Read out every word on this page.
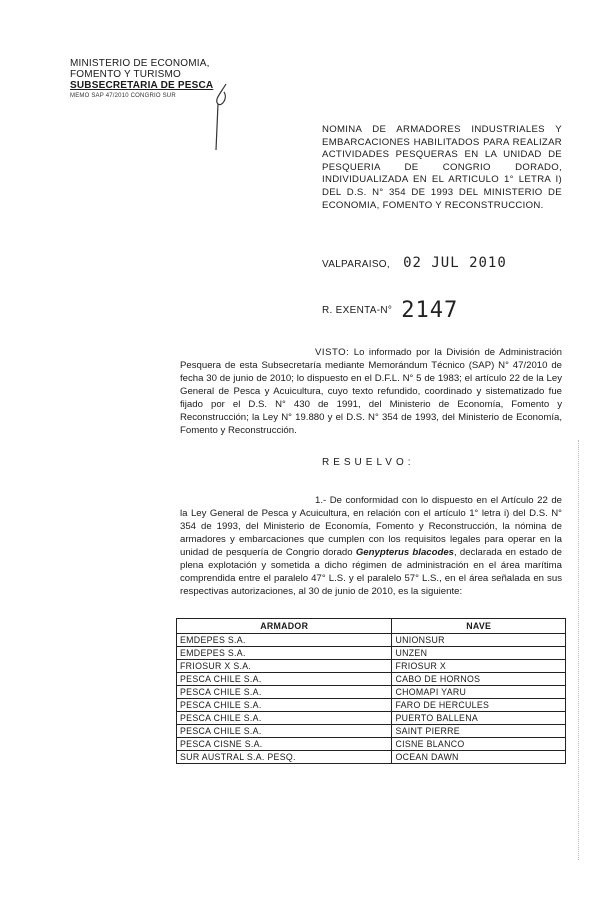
MINISTERIO DE ECONOMIA,
FOMENTO Y TURISMO
SUBSECRETARIA DE PESCA
MEMO SAP 47/2010 CONGRIO SUR
NOMINA DE ARMADORES INDUSTRIALES Y EMBARCACIONES HABILITADOS PARA REALIZAR ACTIVIDADES PESQUERAS EN LA UNIDAD DE PESQUERIA DE CONGRIO DORADO, INDIVIDUALIZADA EN EL ARTICULO 1° LETRA I) DEL D.S. N° 354 DE 1993 DEL MINISTERIO DE ECONOMIA, FOMENTO Y RECONSTRUCCION.
VALPARAISO, 02 JUL 2010
R. EXENTA-N° 2147
VISTO: Lo informado por la División de Administración Pesquera de esta Subsecretaría mediante Memorándum Técnico (SAP) N° 47/2010 de fecha 30 de junio de 2010; lo dispuesto en el D.F.L. N° 5 de 1983; el artículo 22 de la Ley General de Pesca y Acuicultura, cuyo texto refundido, coordinado y sistematizado fue fijado por el D.S. N° 430 de 1991, del Ministerio de Economía, Fomento y Reconstrucción; la Ley N° 19.880 y el D.S. N° 354 de 1993, del Ministerio de Economía, Fomento y Reconstrucción.
RESUELVO:
1.- De conformidad con lo dispuesto en el Artículo 22 de la Ley General de Pesca y Acuicultura, en relación con el artículo 1° letra i) del D.S. N° 354 de 1993, del Ministerio de Economía, Fomento y Reconstrucción, la nómina de armadores y embarcaciones que cumplen con los requisitos legales para operar en la unidad de pesquería de Congrio dorado Genypterus blacodes, declarada en estado de plena explotación y sometida a dicho régimen de administración en el área marítima comprendida entre el paralelo 47° L.S. y el paralelo 57° L.S., en el área señalada en sus respectivas autorizaciones, al 30 de junio de 2010, es la siguiente:
ARMADOR	NAVE
EMDEPES S.A.	UNIONSUR
EMDEPES S.A.	UNZEN
FRIOSUR X S.A.	FRIOSUR X
PESCA CHILE S.A.	CABO DE HORNOS
PESCA CHILE S.A.	CHOMAPI YARU
PESCA CHILE S.A.	FARO DE HERCULES
PESCA CHILE S.A.	PUERTO BALLENA
PESCA CHILE S.A.	SAINT PIERRE
PESCA CISNE S.A.	CISNE BLANCO
SUR AUSTRAL S.A. PESQ.	OCEAN DAWN
